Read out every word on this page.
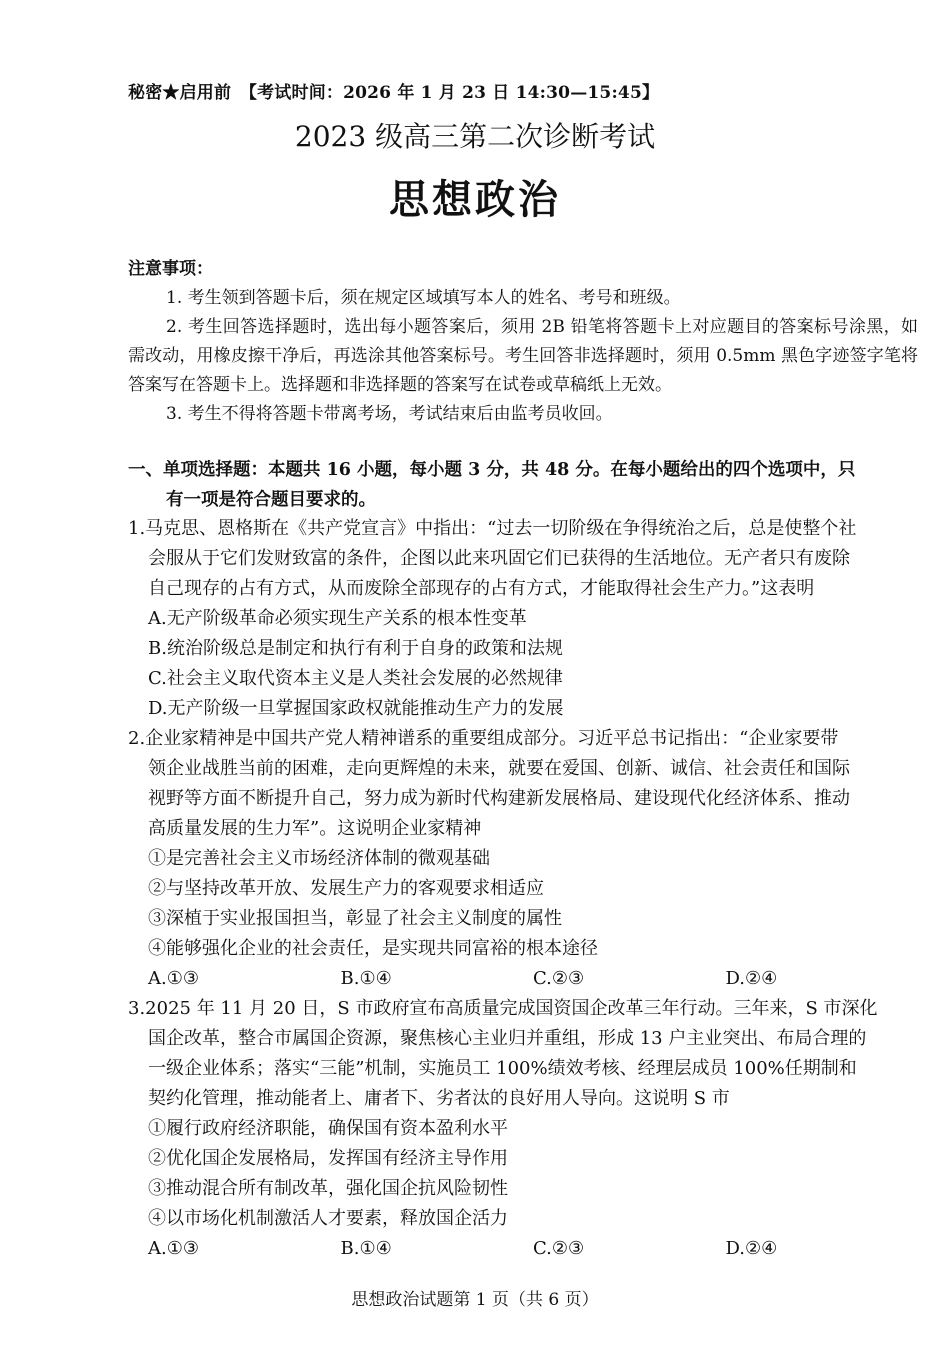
秘密★启用前　【考试时间：2026 年 1 月 23 日 14:30—15:45】
2023 级高三第二次诊断考试
思想政治
注意事项：
1. 考生领到答题卡后，须在规定区域填写本人的姓名、考号和班级。
2. 考生回答选择题时，选出每小题答案后，须用 2B 铅笔将答题卡上对应题目的答案标号涂黑，如需改动，用橡皮擦干净后，再选涂其他答案标号。考生回答非选择题时，须用 0.5mm 黑色字迹签字笔将答案写在答题卡上。选择题和非选择题的答案写在试卷或草稿纸上无效。
3. 考生不得将答题卡带离考场，考试结束后由监考员收回。
一、单项选择题：本题共 16 小题，每小题 3 分，共 48 分。在每小题给出的四个选项中，只
有一项是符合题目要求的。
1.马克思、恩格斯在《共产党宣言》中指出：“过去一切阶级在争得统治之后，总是使整个社
会服从于它们发财致富的条件，企图以此来巩固它们已获得的生活地位。无产者只有废除
自己现存的占有方式，从而废除全部现存的占有方式，才能取得社会生产力。”这表明
A.无产阶级革命必须实现生产关系的根本性变革
B.统治阶级总是制定和执行有利于自身的政策和法规
C.社会主义取代资本主义是人类社会发展的必然规律
D.无产阶级一旦掌握国家政权就能推动生产力的发展
2.企业家精神是中国共产党人精神谱系的重要组成部分。习近平总书记指出：“企业家要带
领企业战胜当前的困难，走向更辉煌的未来，就要在爱国、创新、诚信、社会责任和国际
视野等方面不断提升自己，努力成为新时代构建新发展格局、建设现代化经济体系、推动
高质量发展的生力军”。这说明企业家精神
①是完善社会主义市场经济体制的微观基础
②与坚持改革开放、发展生产力的客观要求相适应
③深植于实业报国担当，彰显了社会主义制度的属性
④能够强化企业的社会责任，是实现共同富裕的根本途径
A.①③	B.①④	C.②③	D.②④
3.2025 年 11 月 20 日，S 市政府宣布高质量完成国资国企改革三年行动。三年来，S 市深化
国企改革，整合市属国企资源，聚焦核心主业归并重组，形成 13 户主业突出、布局合理的
一级企业体系；落实“三能”机制，实施员工 100%绩效考核、经理层成员 100%任期制和
契约化管理，推动能者上、庸者下、劣者汰的良好用人导向。这说明 S 市
①履行政府经济职能，确保国有资本盈利水平
②优化国企发展格局，发挥国有经济主导作用
③推动混合所有制改革，强化国企抗风险韧性
④以市场化机制激活人才要素，释放国企活力
A.①③	B.①④	C.②③	D.②④
思想政治试题第 1 页（共 6 页）
